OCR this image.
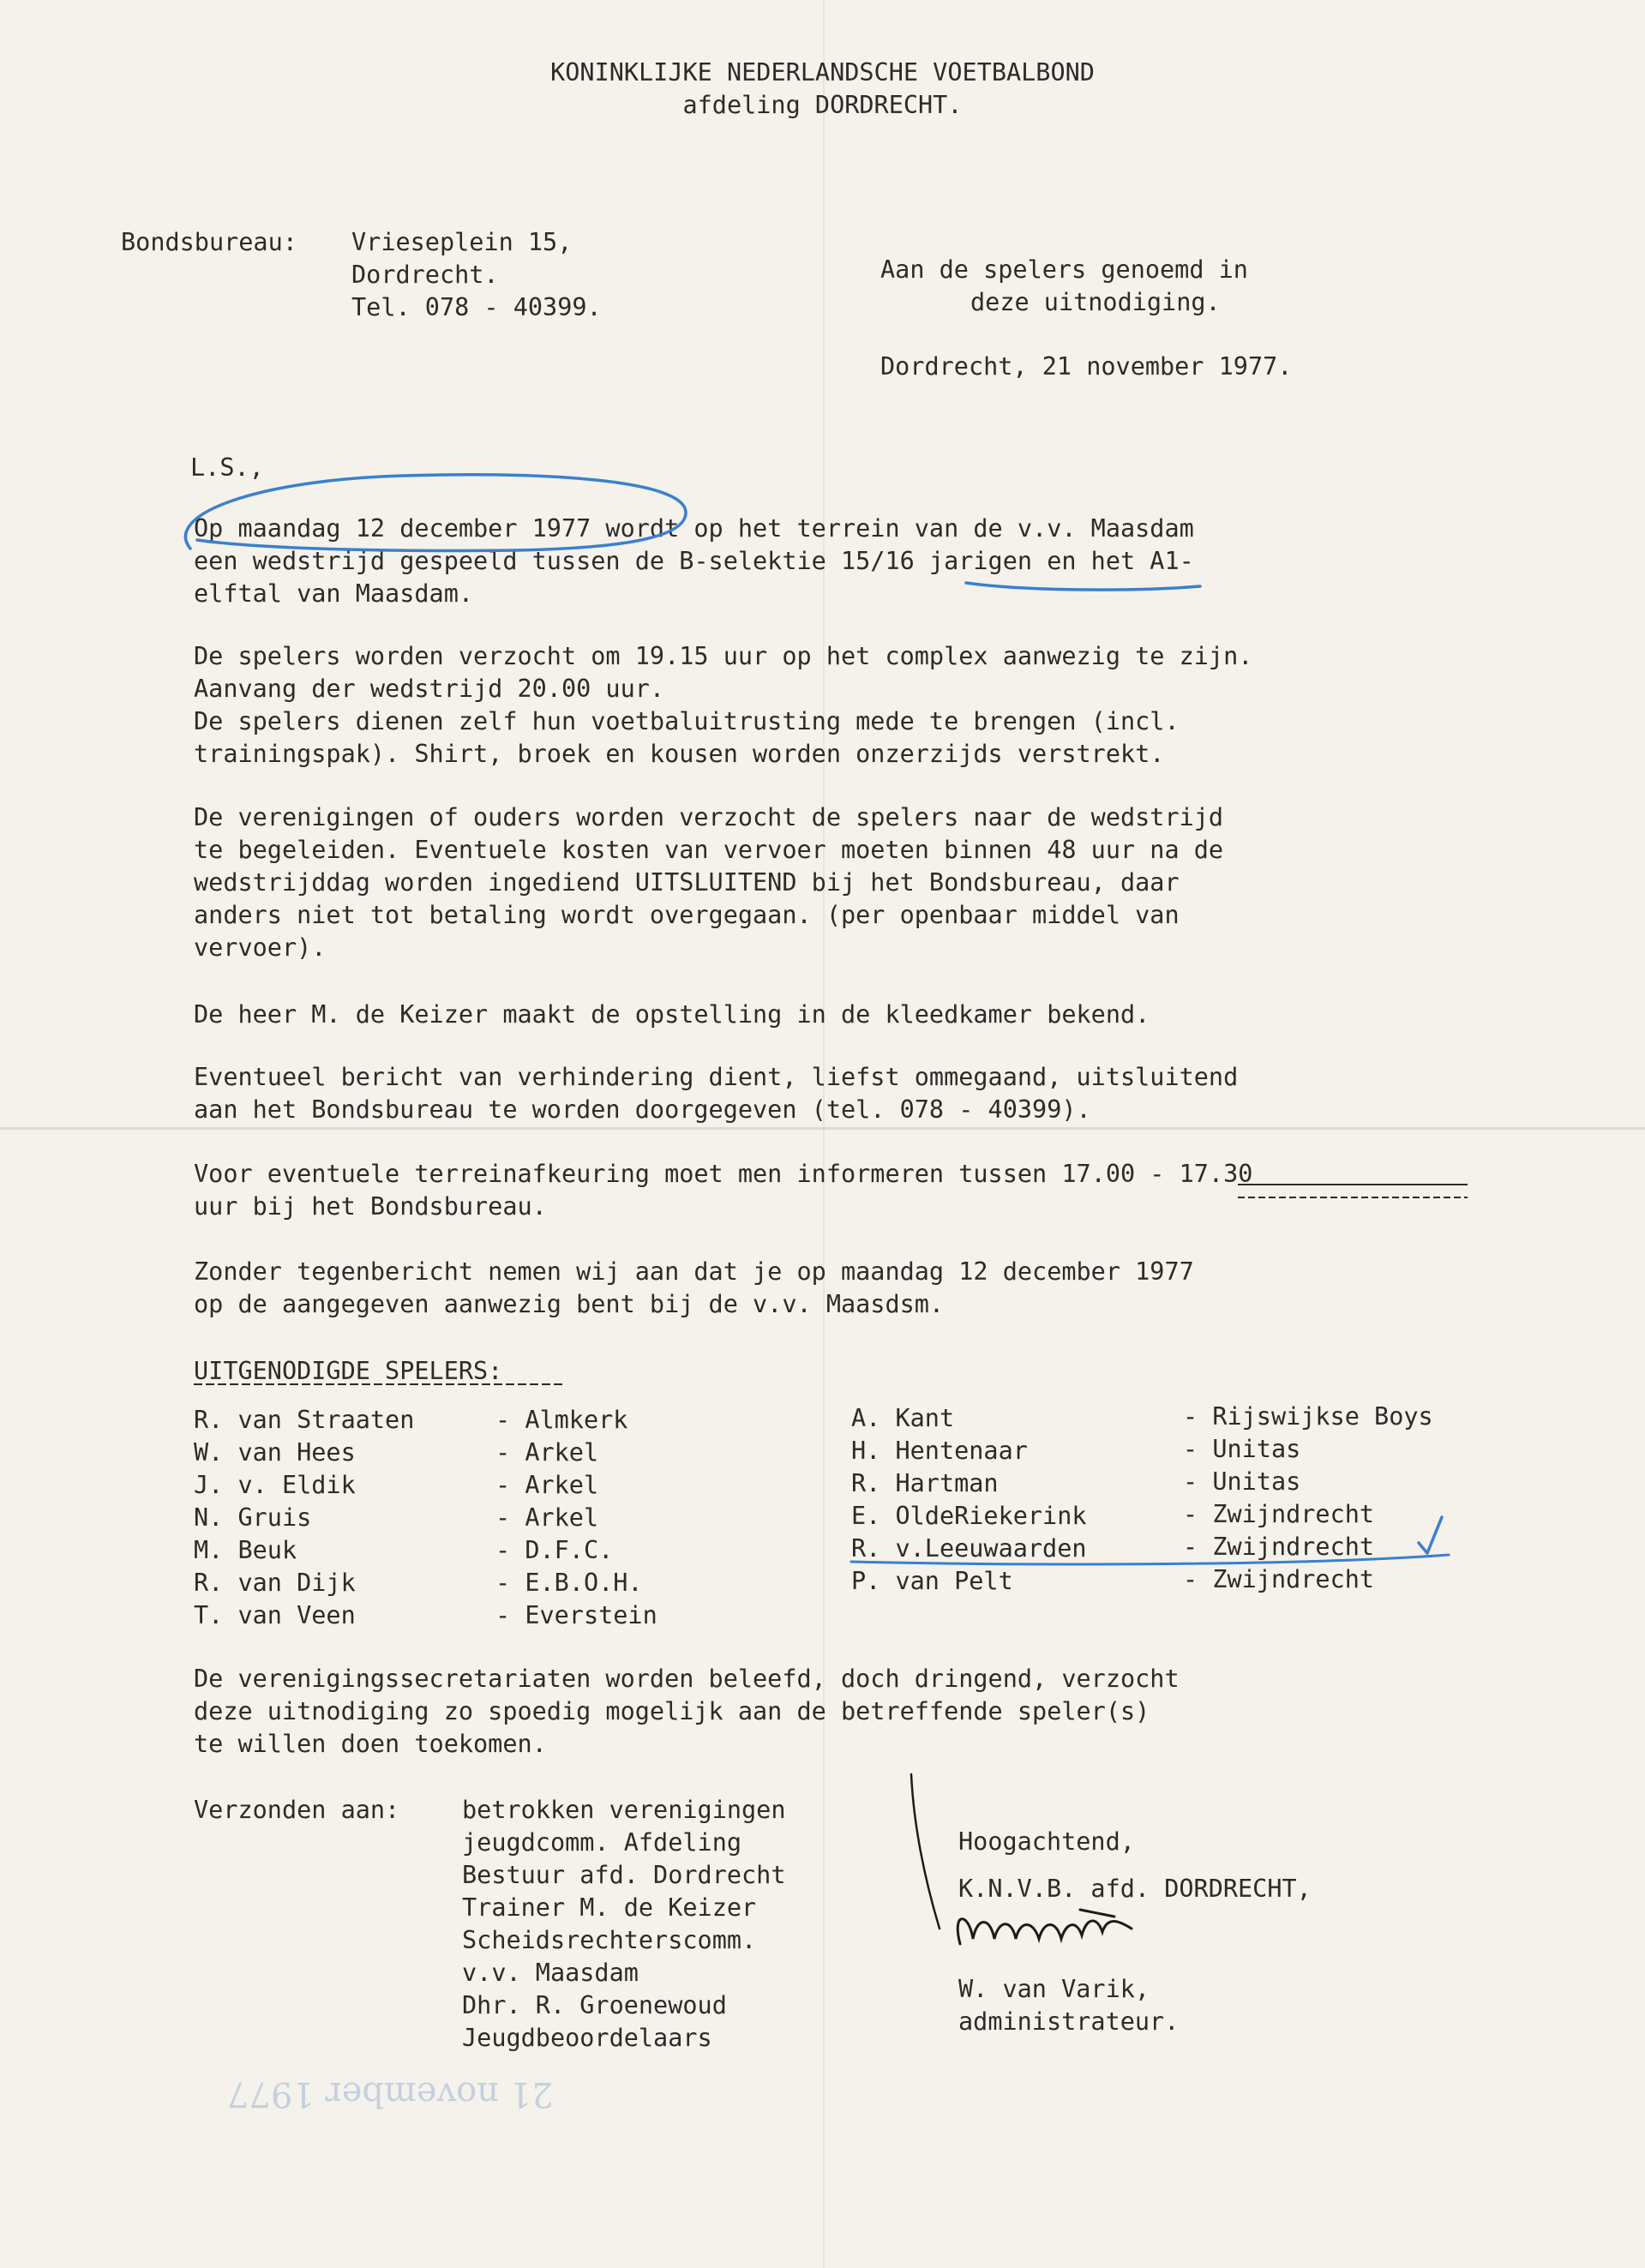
KONINKLIJKE NEDERLANDSCHE VOETBALBOND
afdeling DORDRECHT.
Bondsbureau: Vrieseplein 15,
Dordrecht.
Tel. 078 - 40399.
Aan de spelers genoemd in
deze uitnodiging.
Dordrecht, 21 november 1977.
L.S.,
Op maandag 12 december 1977 wordt op het terrein van de v.v. Maasdam
een wedstrijd gespeeld tussen de B-selektie 15/16 jarigen en het A1-
elftal van Maasdam.
De spelers worden verzocht om 19.15 uur op het complex aanwezig te zijn.
Aanvang der wedstrijd 20.00 uur.
De spelers dienen zelf hun voetbaluitrusting mede te brengen (incl.
trainingspak). Shirt, broek en kousen worden onzerzijds verstrekt.
De verenigingen of ouders worden verzocht de spelers naar de wedstrijd
te begeleiden. Eventuele kosten van vervoer moeten binnen 48 uur na de
wedstrijddag worden ingediend UITSLUITEND bij het Bondsbureau, daar
anders niet tot betaling wordt overgegaan. (per openbaar middel van
vervoer).
De heer M. de Keizer maakt de opstelling in de kleedkamer bekend.
Eventueel bericht van verhindering dient, liefst ommegaand, uitsluitend
aan het Bondsbureau te worden doorgegeven (tel. 078 - 40399).
Voor eventuele terreinafkeuring moet men informeren tussen 17.00 - 17.30
uur bij het Bondsbureau.
Zonder tegenbericht nemen wij aan dat je op maandag 12 december 1977
op de aangegeven aanwezig bent bij de v.v. Maasdsm.
UITGENODIGDE SPELERS:
R. van Straaten
W. van Hees
J. v. Eldik
N. Gruis
M. Beuk
R. van Dijk
T. van Veen
- Almkerk
- Arkel
- Arkel
- Arkel
- D.F.C.
- E.B.O.H.
- Everstein
A. Kant
H. Hentenaar
R. Hartman
E. OldeRiekerink
R. v.Leeuwaarden
P. van Pelt
- Rijswijkse Boys
- Unitas
- Unitas
- Zwijndrecht
- Zwijndrecht
- Zwijndrecht
De verenigingssecretariaten worden beleefd, doch dringend, verzocht
deze uitnodiging zo spoedig mogelijk aan de betreffende speler(s)
te willen doen toekomen.
Verzonden aan:	betrokken verenigingen
jeugdcomm. Afdeling
Bestuur afd. Dordrecht
Trainer M. de Keizer
Scheidsrechterscomm.
v.v. Maasdam
Dhr. R. Groenewoud
Jeugdbeoordelaars
Hoogachtend,
K.N.V.B. afd. DORDRECHT,
W. van Varik,
administrateur.
21 november 1977
